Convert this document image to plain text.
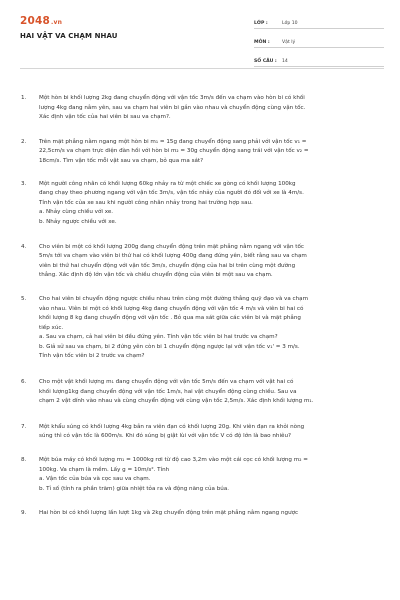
2048.vn
HAI VẬT VA CHẠM NHAU
LỚP :	Lớp 10
MÔN :	Vật lý
SỐ CÂU :	14
1.	Một hòn bi khối lượng 2kg đang chuyển động với vận tốc 3m/s đến va chạm vào hòn bi có khối
lượng 4kg đang nằm yên, sau va chạm hai viên bi gắn vào nhau và chuyển động cùng vận tốc.
Xác định vận tốc của hai viên bi sau va chạm?.
2.	Trên mặt phẳng nằm ngang một hòn bi m₁ = 15g đang chuyển động sang phải với vận tốc v₁ =
22,5cm/s va chạm trực diện đàn hồi với hòn bi m₂ = 30g chuyển động sang trái với vận tốc v₂ =
18cm/s. Tìm vận tốc mỗi vật sau va chạm, bỏ qua ma sát?
3.	Một người công nhân có khối lượng 60kg nhảy ra từ một chiếc xe gòng có khối lượng 100kg
đang chạy theo phương ngang với vận tốc 3m/s, vận tốc nhảy của người đó đối với xe là 4m/s.
Tính vận tốc của xe sau khi người công nhân nhảy trong hai trường hợp sau.
a. Nhảy cùng chiều với xe.
b. Nhảy ngược chiều với xe.
4.	Cho viên bi một có khối lượng 200g đang chuyển động trên mặt phẳng nằm ngang với vận tốc
5m/s tới va chạm vào viên bi thứ hai có khối lượng 400g đang đứng yên, biết rằng sau va chạm
viên bi thứ hai chuyển động với vận tốc 3m/s, chuyển động của hai bi trên cùng một đường
thẳng. Xác định độ lớn vận tốc và chiều chuyển động của viên bi một sau va chạm.
5.	Cho hai viên bi chuyển động ngược chiều nhau trên cùng một đường thẳng quỹ đạo và va chạm
vào nhau. Viên bi một có khối lượng 4kg đang chuyển động với vận tốc 4 m/s và viên bi hai có
khối lượng 8 kg đang chuyển động với vận tốc . Bỏ qua ma sát giữa các viên bi và mặt phẳng
tiếp xúc.
a. Sau va chạm, cả hai viên bi đều đứng yên. Tính vận tốc viên bi hai trước va chạm?
b. Giả sử sau va chạm, bi 2 đứng yên còn bi 1 chuyển động ngược lại với vận tốc v₁' = 3 m/s.
Tính vận tốc viên bi 2 trước va chạm?
6.	Cho một vật khối lượng m₁ đang chuyển động với vận tốc 5m/s đến va chạm với vật hai có
khối lượng1kg đang chuyển động với vận tốc 1m/s, hai vật chuyển động cùng chiều. Sau va
chạm 2 vật dính vào nhau và cùng chuyển động với cùng vận tốc 2,5m/s. Xác định khối lượng m₁.
7.	Một khẩu súng có khối lượng 4kg bắn ra viên đạn có khối lượng 20g. Khi viên đạn ra khỏi nòng
súng thì có vận tốc là 600m/s. Khi đó súng bị giật lùi với vận tốc V có độ lớn là bao nhiêu?
8.	Một búa máy có khối lượng m₁ = 1000kg rơi từ độ cao 3,2m vào một cái cọc có khối lượng m₂ =
100kg. Va chạm là mềm. Lấy g = 10m/s². Tính
a. Vận tốc của búa và cọc sau va chạm.
b. Tỉ số (tính ra phần trăm) giữa nhiệt tỏa ra và động năng của búa.
9.	Hai hòn bi có khối lượng lần lượt 1kg và 2kg chuyển động trên mặt phẳng nằm ngang ngược
